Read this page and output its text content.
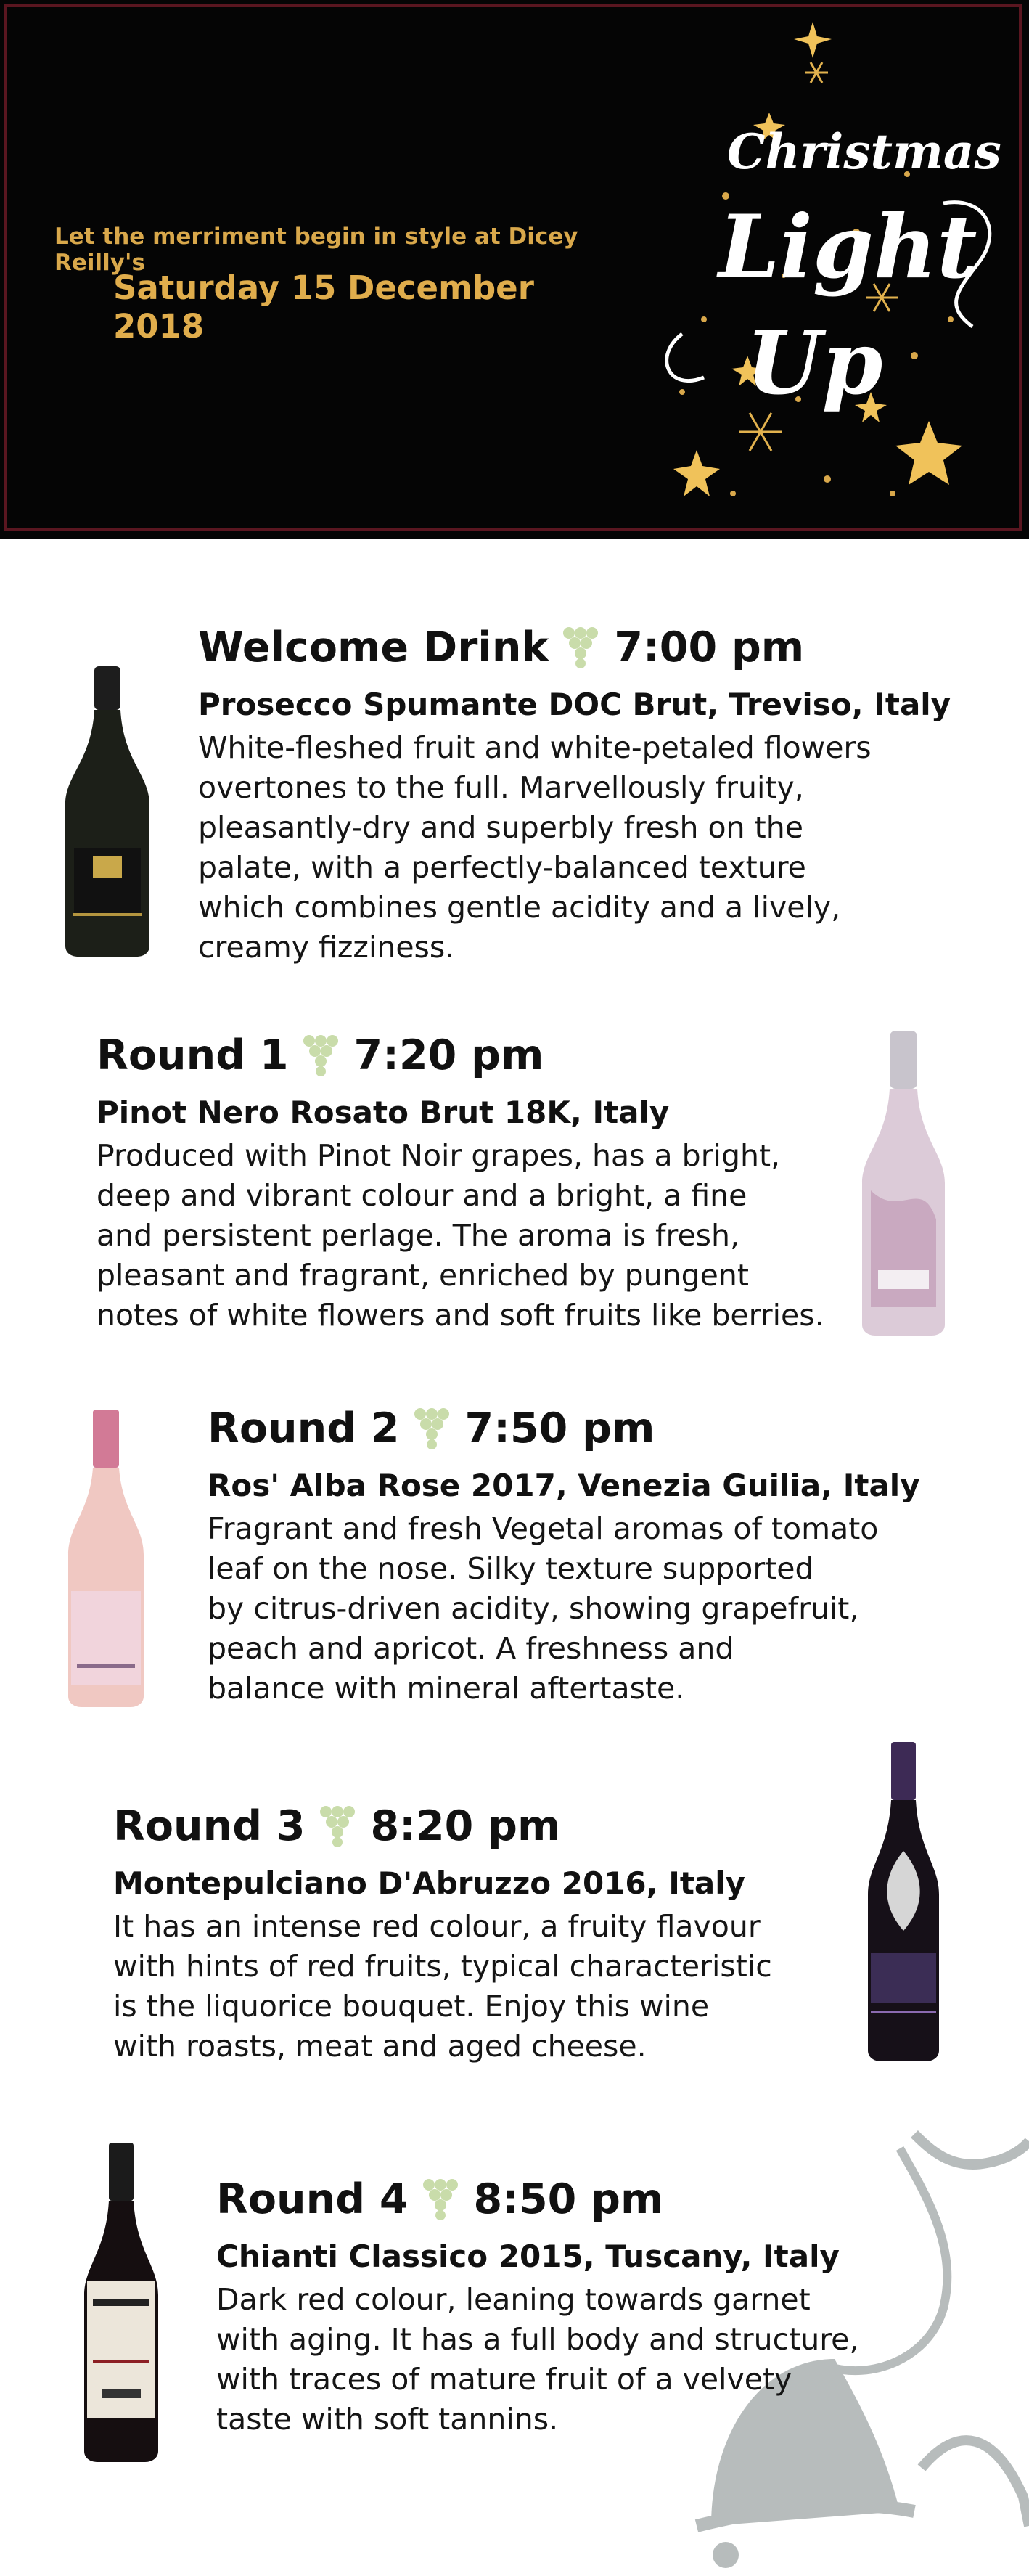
Let the merriment begin in style at Dicey Reilly's
Saturday 15 December 2018
Christmas
Light
Up
Welcome Drink 7:00 pm
Prosecco Spumante DOC Brut, Treviso, Italy

White-fleshed fruit and white-petaled flowers
overtones to the full. Marvellously fruity,
pleasantly-dry and superbly fresh on the
palate, with a perfectly-balanced texture
which combines gentle acidity and a lively,
creamy fizziness.

Round 1 7:20 pm
Pinot Nero Rosato Brut 18K, Italy

Produced with Pinot Noir grapes, has a bright,
deep and vibrant colour and a bright, a fine
and persistent perlage. The aroma is fresh,
pleasant and fragrant, enriched by pungent
notes of white flowers and soft fruits like berries.

Round 2 7:50 pm
Ros' Alba Rose 2017, Venezia Guilia, Italy

Fragrant and fresh Vegetal aromas of tomato
leaf on the nose. Silky texture supported
by citrus-driven acidity, showing grapefruit,
peach and apricot. A freshness and
balance with mineral aftertaste.

Round 3 8:20 pm
Montepulciano D'Abruzzo 2016, Italy

It has an intense red colour, a fruity flavour
with hints of red fruits, typical characteristic
is the liquorice bouquet. Enjoy this wine
with roasts, meat and aged cheese.

Round 4 8:50 pm
Chianti Classico 2015, Tuscany, Italy

Dark red colour, leaning towards garnet
with aging. It has a full body and structure,
with traces of mature fruit of a velvety
taste with soft tannins.
